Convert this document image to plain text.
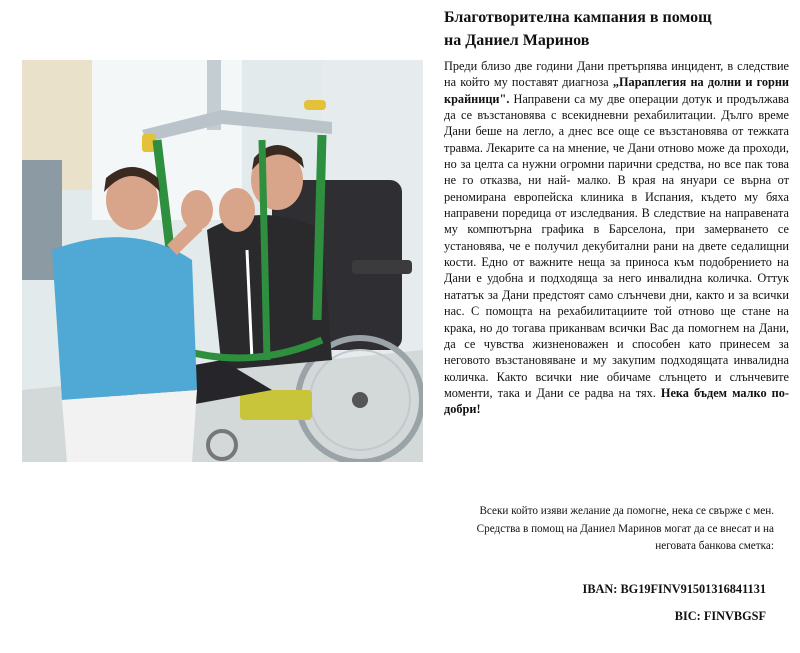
Благотворителна кампания в помощ
на Даниел Маринов

Преди близо две години Дани претърпява инцидент, в следствие на който му поставят диагноза „Параплегия на долни и горни крайници". Направени са му две операции дотук и продължава да се възстановява с всекидневни рехабилитации. Дълго време Дани беше на легло, а днес все още се възстановява от тежката травма. Лекарите са на мнение, че Дани отново може да проходи, но за целта са нужни огромни парични средства, но все пак това не го отказва, ни най- малко. В края на януари се върна от реномирана европейска клиника в Испания, където му бяха направени поредица от изследвания. В следствие на направената му компютърна графика в Барселона, при замерването се установява, че е получил декубитални рани на двете седалищни кости. Едно от важните неща за приноса към подобрението на Дани е удобна и подходяща за него инвалидна количка. Оттук нататък за Дани предстоят само слънчеви дни, както и за всички нас. С помощта на рехабилитациите той отново ще стане на крака, но до тогава приканвам всички Вас да помогнем на Дани, да се чувства жизненоважен и способен като принесем за неговото възстановяване и му закупим подходящата инвалидна количка. Както всички ние обичаме слънцето и слънчевите моменти, така и Дани се радва на тях. Нека бъдем малко по- добри!

Всеки който изяви желание да помогне, нека се свърже с мен.
Средства в помощ на Даниел Маринов могат да се внесат и на неговата банкова сметка:

IBAN: BG19FINV91501316841131

BIC: FINVBGSF
